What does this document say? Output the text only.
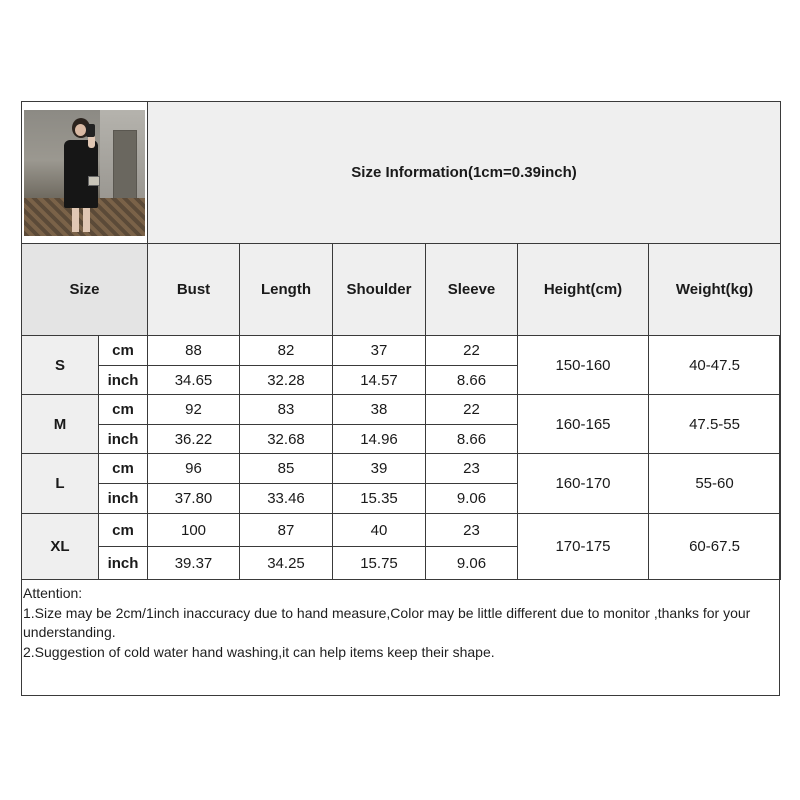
		Size Information(1cm=0.39inch)					
Size		Bust	Length	Shoulder	Sleeve	Height(cm)	Weight(kg)
S	cm	88	82	37	22	150-160	40-47.5
	inch	34.65	32.28	14.57	8.66		
M	cm	92	83	38	22	160-165	47.5-55
	inch	36.22	32.68	14.96	8.66		
L	cm	96	85	39	23	160-170	55-60
	inch	37.80	33.46	15.35	9.06		
XL	cm	100	87	40	23	170-175	60-67.5
	inch	39.37	34.25	15.75	9.06		

Attention:

1.Size may be 2cm/1inch inaccuracy due to hand measure,Color may be little different due to monitor ,thanks for your understanding.

2.Suggestion of cold water hand washing,it can help items keep their shape.
